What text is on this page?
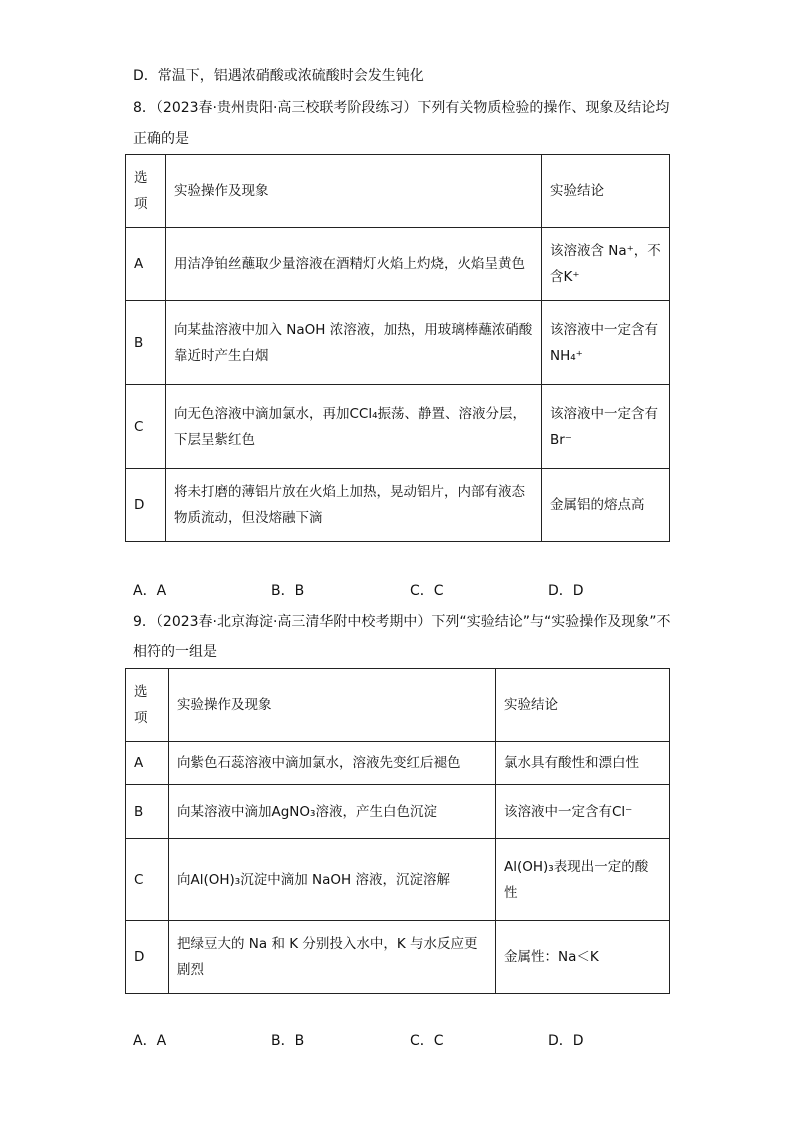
D．常温下，铝遇浓硝酸或浓硫酸时会发生钝化
8．（2023春·贵州贵阳·高三校联考阶段练习）下列有关物质检验的操作、现象及结论均
正确的是
选
项	实验操作及现象	实验结论
A	用洁净铂丝蘸取少量溶液在酒精灯火焰上灼烧，火焰呈黄色	该溶液含 Na⁺，不含K⁺
B	向某盐溶液中加入 NaOH 浓溶液，加热，用玻璃棒蘸浓硝酸靠近时产生白烟	该溶液中一定含有NH₄⁺
C	向无色溶液中滴加氯水，再加CCl₄振荡、静置、溶液分层，下层呈紫红色	该溶液中一定含有Br⁻
D	将未打磨的薄铝片放在火焰上加热，晃动铝片，内部有液态物质流动，但没熔融下滴	金属铝的熔点高
A．A	B．B	C．C	D．D
9．（2023春·北京海淀·高三清华附中校考期中）下列“实验结论”与“实验操作及现象”不
相符的一组是
选
项	实验操作及现象	实验结论
A	向紫色石蕊溶液中滴加氯水，溶液先变红后褪色	氯水具有酸性和漂白性
B	向某溶液中滴加AgNO₃溶液，产生白色沉淀	该溶液中一定含有Cl⁻
C	向Al(OH)₃沉淀中滴加 NaOH 溶液，沉淀溶解	Al(OH)₃表现出一定的酸性
D	把绿豆大的 Na 和 K 分别投入水中，K 与水反应更剧烈	金属性：Na＜K
A．A	B．B	C．C	D．D
